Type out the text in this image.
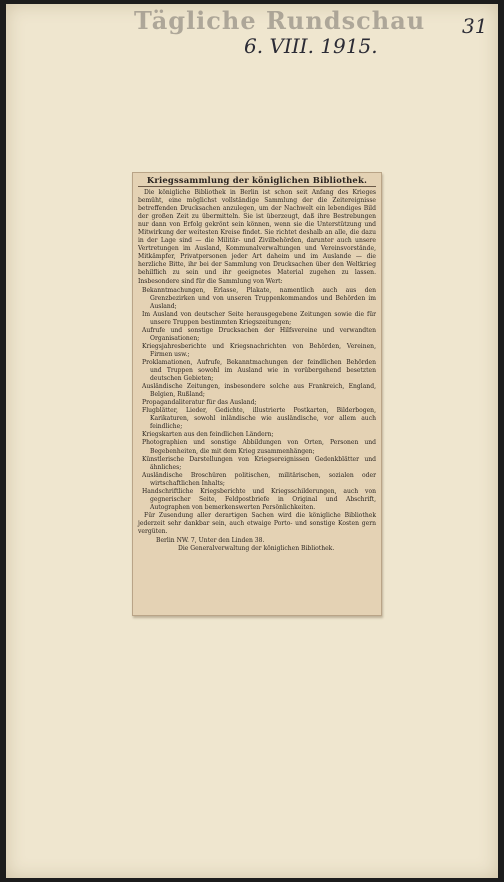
Tägliche Rundschau
6. VIII. 1915.
31
Kriegssammlung der königlichen Bibliothek.

Die königliche Bibliothek in Berlin ist schon seit Anfang des Krieges bemüht, eine möglichst vollständige Sammlung der die Zeitereignisse betreffenden Drucksachen anzulegen, um der Nachwelt ein lebendiges Bild der großen Zeit zu übermitteln. Sie ist überzeugt, daß ihre Bestrebungen nur dann von Erfolg gekrönt sein können, wenn sie die Unterstützung und Mitwirkung der weitesten Kreise findet. Sie richtet deshalb an alle, die dazu in der Lage sind — die Militär- und Zivilbehörden, darunter auch unsere Vertretungen im Ausland, Kommunalverwaltungen und Vereinsvorstände, Mitkämpfer, Privatpersonen jeder Art daheim und im Auslande — die herzliche Bitte, ihr bei der Sammlung von Drucksachen über den Weltkrieg behilflich zu sein und ihr geeignetes Material zugehen zu lassen. Insbesondere sind für die Sammlung von Wert:

Bekanntmachungen, Erlasse, Plakate, namentlich auch aus den Grenzbezirken und von unseren Truppenkommandos und Behörden im Ausland;
Im Ausland von deutscher Seite herausgegebene Zeitungen sowie die für unsere Truppen bestimmten Kriegszeitungen;
Aufrufe und sonstige Drucksachen der Hilfsvereine und verwandten Organisationen;
Kriegsjahresberichte und Kriegsnachrichten von Behörden, Vereinen, Firmen usw.;
Proklamationen, Aufrufe, Bekanntmachungen der feindlichen Behörden und Truppen sowohl im Ausland wie in vorübergehend besetzten deutschen Gebieten;
Ausländische Zeitungen, insbesondere solche aus Frankreich, England, Belgien, Rußland;
Propagandaliteratur für das Ausland;
Flugblätter, Lieder, Gedichte, illustrierte Postkarten, Bilderbogen, Karikaturen, sowohl inländische wie ausländische, vor allem auch feindliche;
Kriegskarten aus den feindlichen Ländern;
Photographien und sonstige Abbildungen von Orten, Personen und Begebenheiten, die mit dem Krieg zusammenhängen;
Künstlerische Darstellungen von Kriegsereignissen Gedenkblätter und ähnliches;
Ausländische Broschüren politischen, militärischen, sozialen oder wirtschaftlichen Inhalts;
Handschriftliche Kriegsberichte und Kriegsschilderungen, auch von gegnerischer Seite, Feldpostbriefe in Original und Abschrift, Autographen von bemerkenswerten Persönlichkeiten.

Für Zusendung aller derartigen Sachen wird die königliche Bibliothek jederzeit sehr dankbar sein, auch etwaige Porto- und sonstige Kosten gern vergüten.

Berlin NW. 7, Unter den Linden 38.
Die Generalverwaltung der königlichen Bibliothek.
